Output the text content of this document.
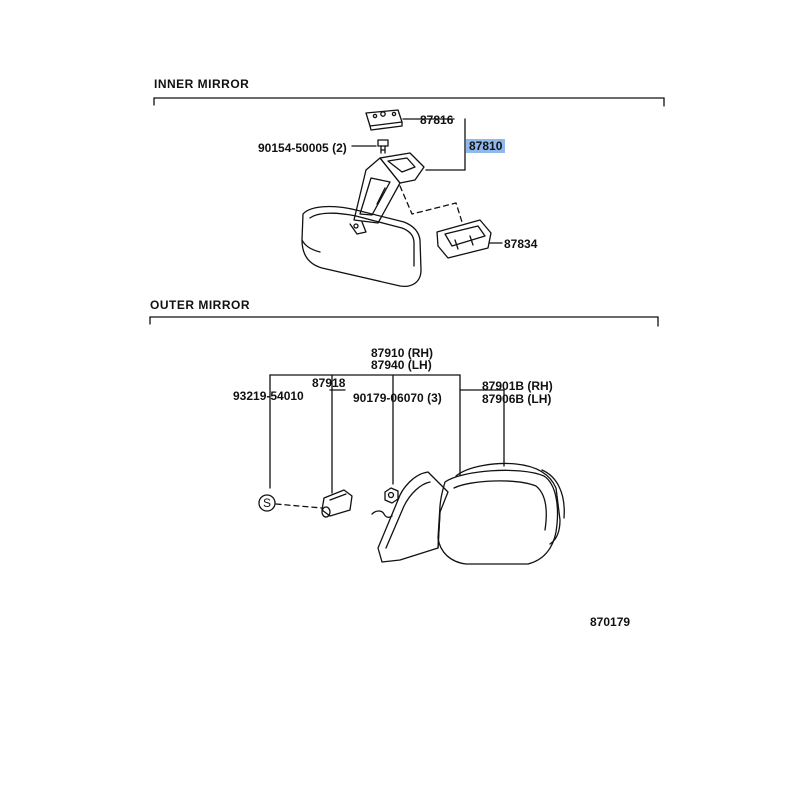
INNER MIRROR
OUTER MIRROR
87816
87810
90154-50005 (2)
87834
87910 (RH)
87940 (LH)
87918
93219-54010	90179-06070 (3)
87901B (RH)
87906B (LH)
S
870179
